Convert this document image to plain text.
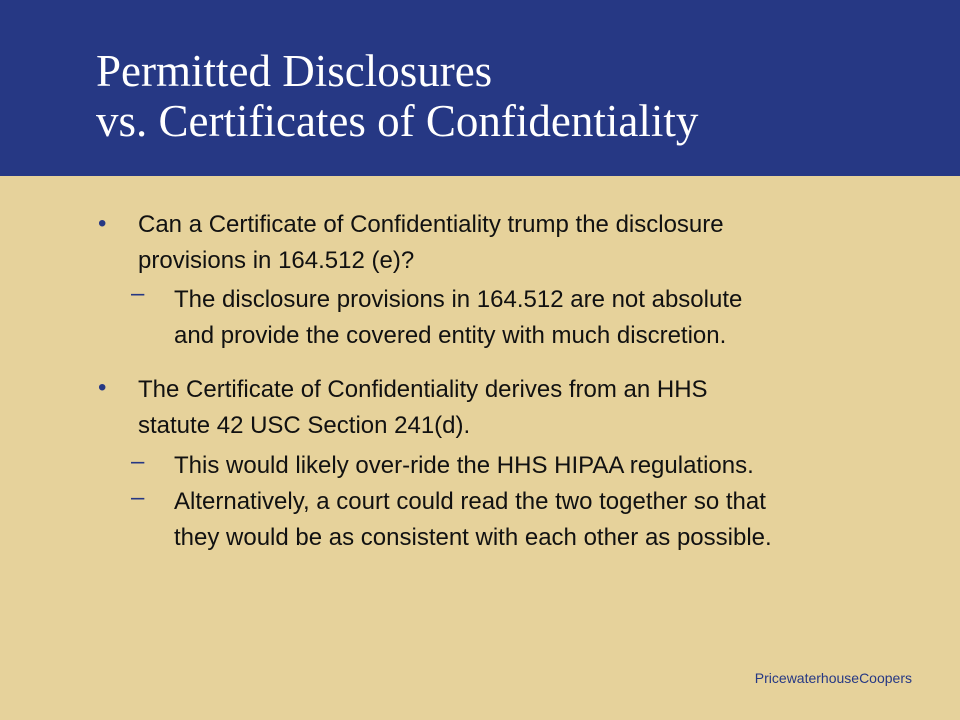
Permitted Disclosures
vs. Certificates of Confidentiality
• Can a Certificate of Confidentiality trump the disclosure
provisions in 164.512 (e)?
– The disclosure provisions in 164.512 are not absolute
and provide the covered entity with much discretion.
• The Certificate of Confidentiality derives from an HHS
statute 42 USC Section 241(d).
– This would likely over-ride the HHS HIPAA regulations.
– Alternatively, a court could read the two together so that
they would be as consistent with each other as possible.
PricewaterhouseCoopers
